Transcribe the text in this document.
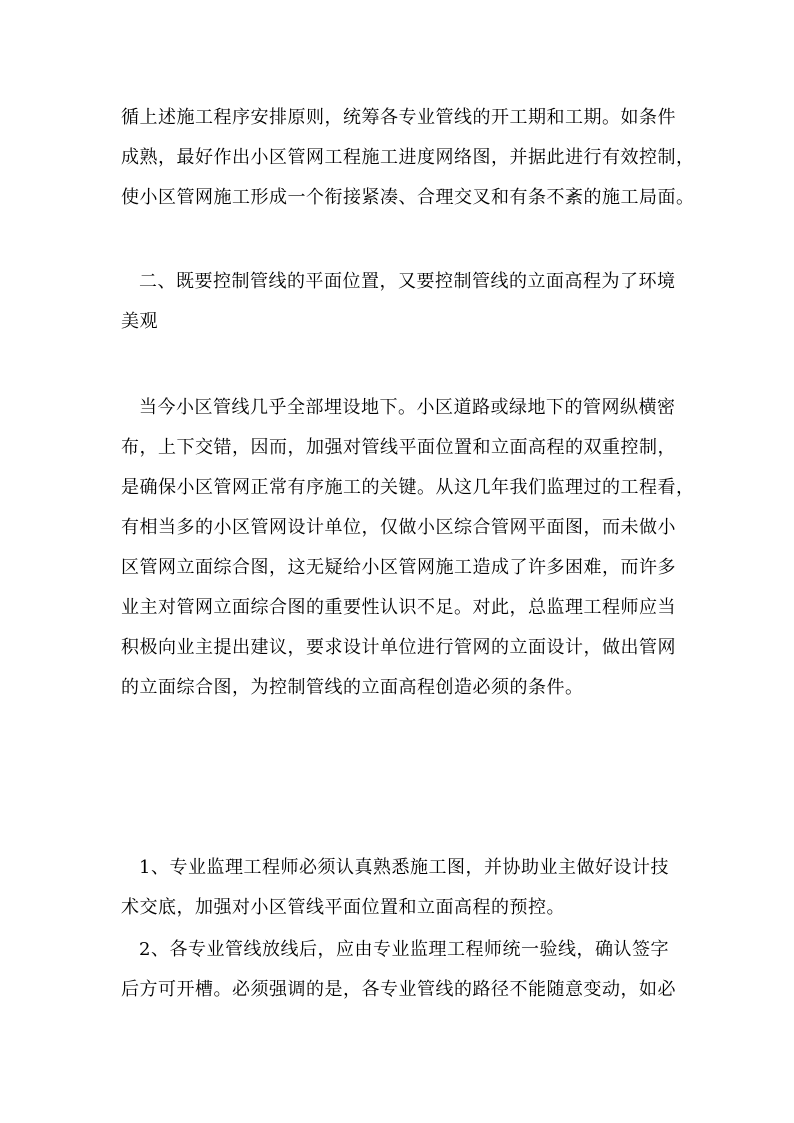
循上述施工程序安排原则，统筹各专业管线的开工期和工期。如条件
成熟，最好作出小区管网工程施工进度网络图，并据此进行有效控制，
使小区管网施工形成一个衔接紧凑、合理交叉和有条不紊的施工局面。
二、既要控制管线的平面位置，又要控制管线的立面高程为了环境
美观
当今小区管线几乎全部埋设地下。小区道路或绿地下的管网纵横密
布，上下交错，因而，加强对管线平面位置和立面高程的双重控制，
是确保小区管网正常有序施工的关键。从这几年我们监理过的工程看，
有相当多的小区管网设计单位，仅做小区综合管网平面图，而未做小
区管网立面综合图，这无疑给小区管网施工造成了许多困难，而许多
业主对管网立面综合图的重要性认识不足。对此，总监理工程师应当
积极向业主提出建议，要求设计单位进行管网的立面设计，做出管网
的立面综合图，为控制管线的立面高程创造必须的条件。
1、专业监理工程师必须认真熟悉施工图，并协助业主做好设计技
术交底，加强对小区管线平面位置和立面高程的预控。
2、各专业管线放线后，应由专业监理工程师统一验线，确认签字
后方可开槽。必须强调的是，各专业管线的路径不能随意变动，如必
